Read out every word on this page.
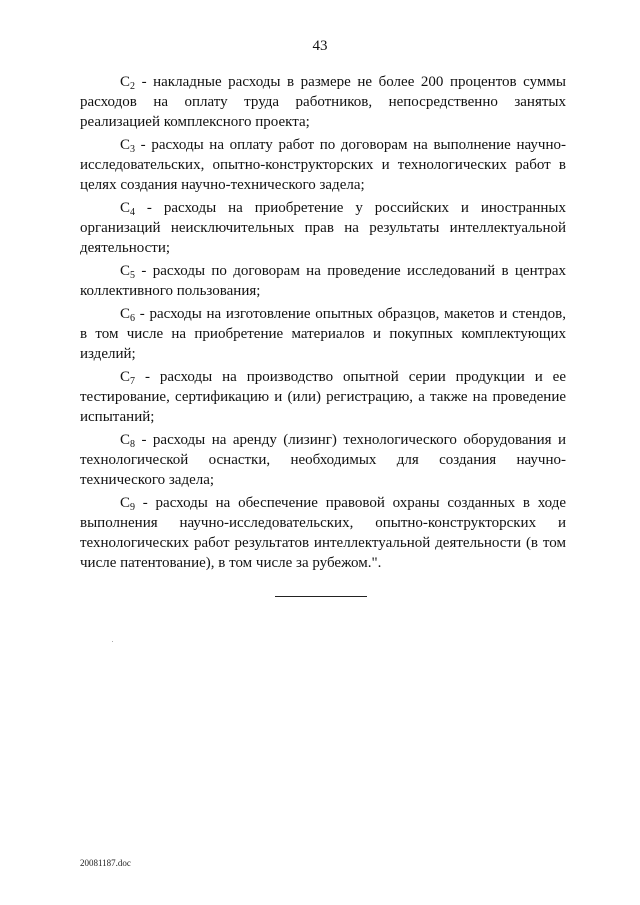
43

$C_2$ - накладные расходы в размере не более 200 процентов суммы расходов на оплату труда работников, непосредственно занятых реализацией комплексного проекта;

$C_3$ - расходы на оплату работ по договорам на выполнение научно-исследовательских, опытно-конструкторских и технологических работ в целях создания научно-технического задела;

$C_4$ - расходы на приобретение у российских и иностранных организаций неисключительных прав на результаты интеллектуальной деятельности;

$C_5$ - расходы по договорам на проведение исследований в центрах коллективного пользования;

$C_6$ - расходы на изготовление опытных образцов, макетов и стендов, в том числе на приобретение материалов и покупных комплектующих изделий;

$C_7$ - расходы на производство опытной серии продукции и ее тестирование, сертификацию и (или) регистрацию, а также на проведение испытаний;

$C_8$ - расходы на аренду (лизинг) технологического оборудования и технологической оснастки, необходимых для создания научно-технического задела;

$C_9$ - расходы на обеспечение правовой охраны созданных в ходе выполнения научно-исследовательских, опытно-конструкторских и технологических работ результатов интеллектуальной деятельности (в том числе патентование), в том числе за рубежом.".

20081187.doc
